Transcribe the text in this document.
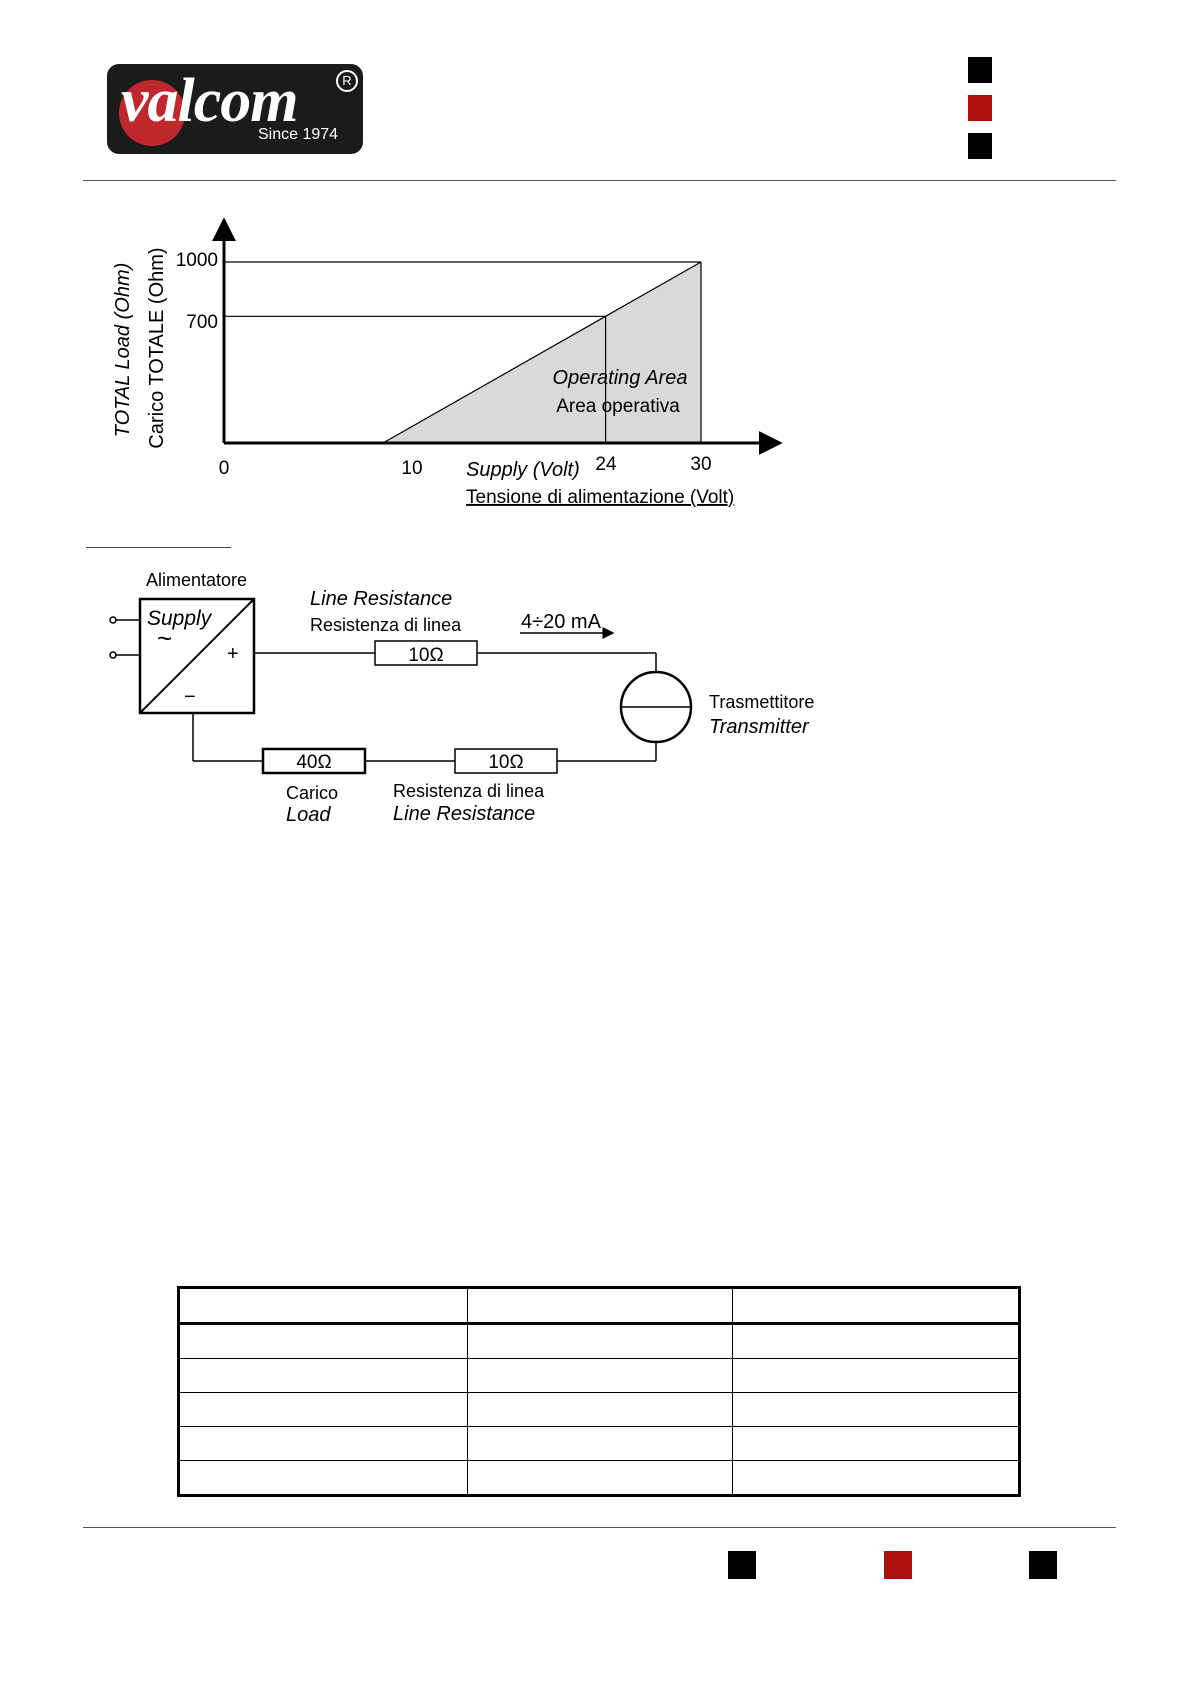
valcom
Since 1974
R
1000
700
0	10	24	30
Supply (Volt)
Tensione di alimentazione (Volt)
TOTAL Load (Ohm) Carico TOTALE (Ohm)	Operating Area
Area operativa
Alimentatore
Supply
~
+
−
Line Resistance
Resistenza di linea	4÷20 mA
10Ω
40Ω	10Ω
Carico
Load
Resistenza di linea
Line Resistance
Trasmettitore
Transmitter
